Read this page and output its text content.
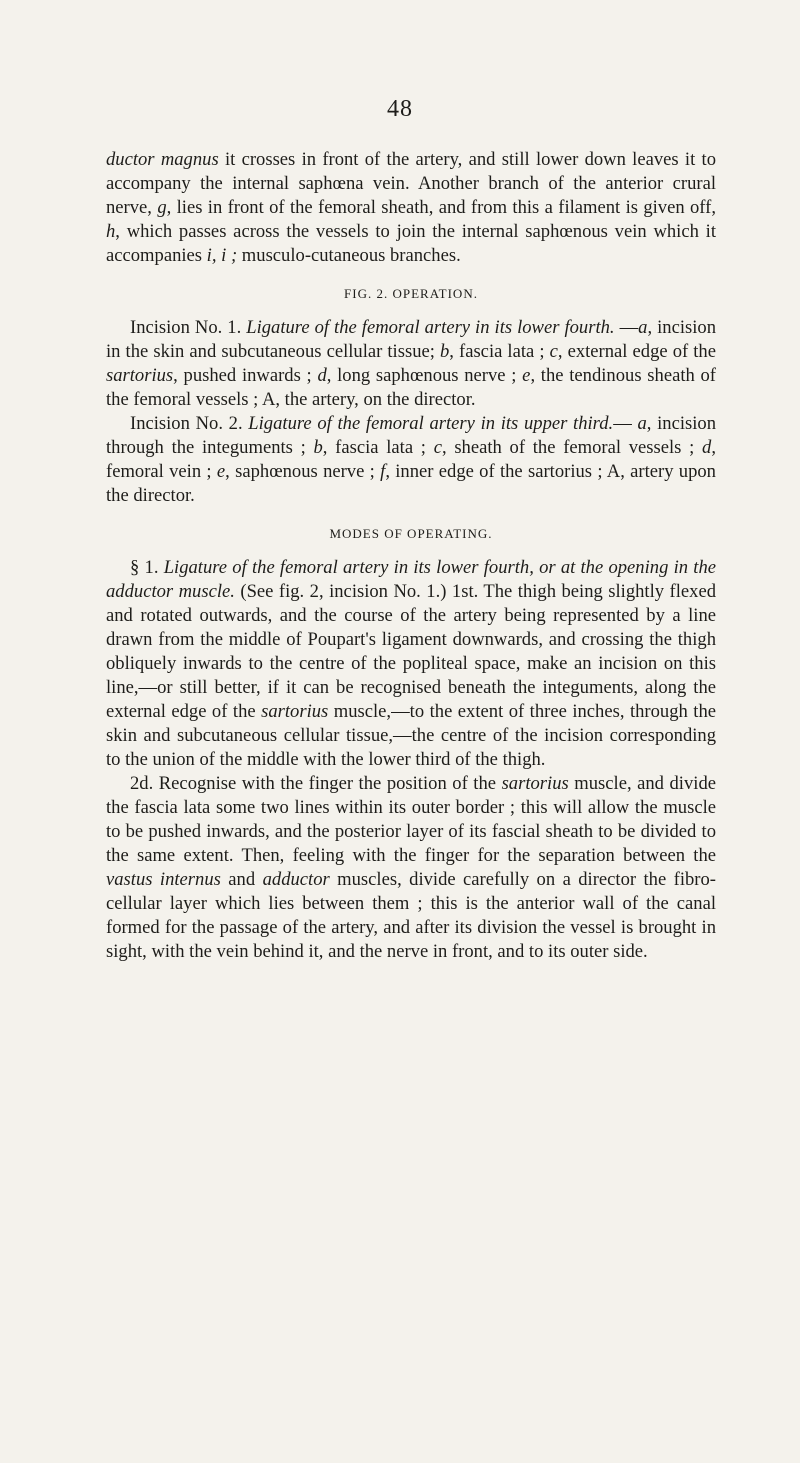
48

ductor magnus it crosses in front of the artery, and still lower down leaves it to accompany the internal saphœna vein. Another branch of the anterior crural nerve, g, lies in front of the femoral sheath, and from this a filament is given off, h, which passes across the vessels to join the internal saphœnous vein which it accompanies i, i ; musculo-cutaneous branches.

FIG. 2. OPERATION.

Incision No. 1. Ligature of the femoral artery in its lower fourth. —a, incision in the skin and subcutaneous cellular tissue; b, fascia lata ; c, external edge of the sartorius, pushed inwards ; d, long saphœnous nerve ; e, the tendinous sheath of the femoral vessels ; A, the artery, on the director.

Incision No. 2. Ligature of the femoral artery in its upper third.— a, incision through the integuments ; b, fascia lata ; c, sheath of the femoral vessels ; d, femoral vein ; e, saphœnous nerve ; f, inner edge of the sartorius ; A, artery upon the director.

MODES OF OPERATING.

§ 1. Ligature of the femoral artery in its lower fourth, or at the opening in the adductor muscle. (See fig. 2, incision No. 1.) 1st. The thigh being slightly flexed and rotated outwards, and the course of the artery being represented by a line drawn from the middle of Poupart's ligament downwards, and crossing the thigh obliquely inwards to the centre of the popliteal space, make an incision on this line,—or still better, if it can be recognised beneath the integuments, along the external edge of the sartorius muscle,—to the extent of three inches, through the skin and subcutaneous cellular tissue,—the centre of the incision corresponding to the union of the middle with the lower third of the thigh.

2d. Recognise with the finger the position of the sartorius muscle, and divide the fascia lata some two lines within its outer border ; this will allow the muscle to be pushed inwards, and the posterior layer of its fascial sheath to be divided to the same extent. Then, feeling with the finger for the separation between the vastus internus and adductor muscles, divide carefully on a director the fibro-cellular layer which lies between them ; this is the anterior wall of the canal formed for the passage of the artery, and after its division the vessel is brought in sight, with the vein behind it, and the nerve in front, and to its outer side.
